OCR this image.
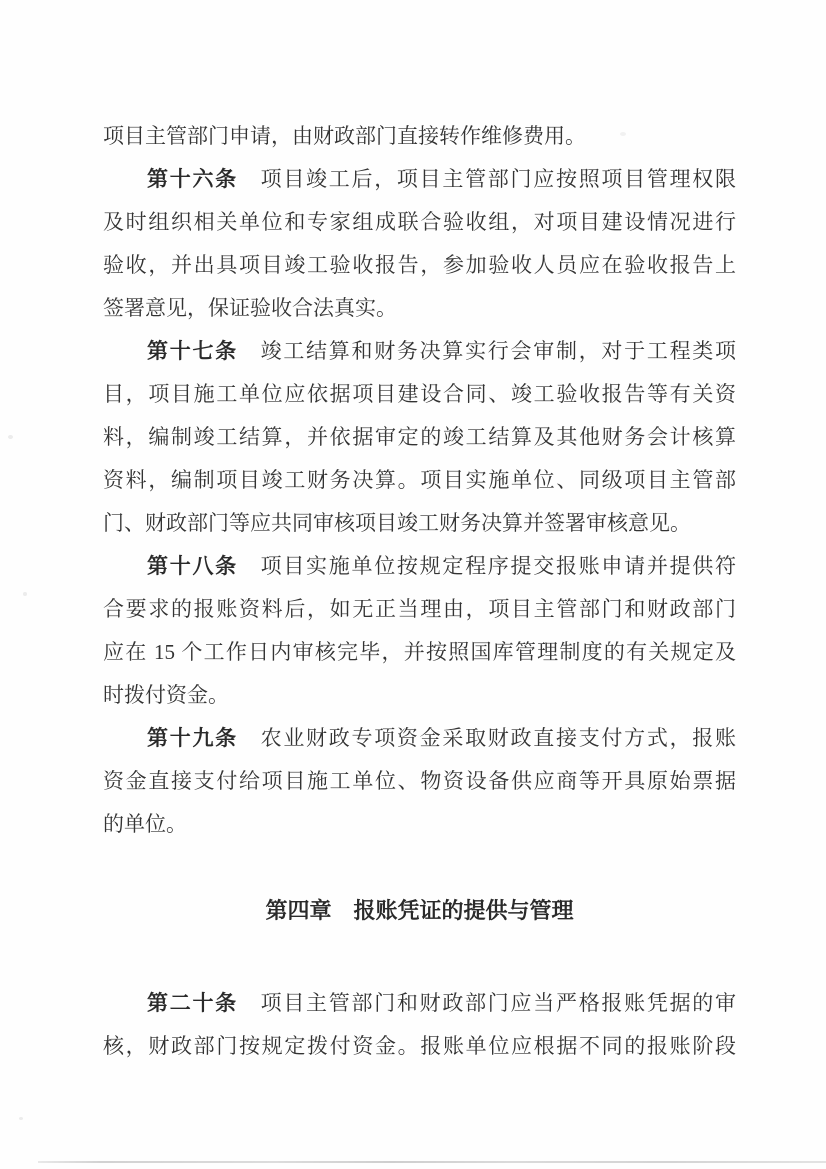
项目主管部门申请，由财政部门直接转作维修费用。
第十六条　项目竣工后，项目主管部门应按照项目管理权限
及时组织相关单位和专家组成联合验收组，对项目建设情况进行
验收，并出具项目竣工验收报告，参加验收人员应在验收报告上
签署意见，保证验收合法真实。
第十七条　竣工结算和财务决算实行会审制，对于工程类项
目，项目施工单位应依据项目建设合同、竣工验收报告等有关资
料，编制竣工结算，并依据审定的竣工结算及其他财务会计核算
资料，编制项目竣工财务决算。项目实施单位、同级项目主管部
门、财政部门等应共同审核项目竣工财务决算并签署审核意见。
第十八条　项目实施单位按规定程序提交报账申请并提供符
合要求的报账资料后，如无正当理由，项目主管部门和财政部门
应在 15 个工作日内审核完毕，并按照国库管理制度的有关规定及
时拨付资金。
第十九条　农业财政专项资金采取财政直接支付方式，报账
资金直接支付给项目施工单位、物资设备供应商等开具原始票据
的单位。
第四章　报账凭证的提供与管理
第二十条　项目主管部门和财政部门应当严格报账凭据的审
核，财政部门按规定拨付资金。报账单位应根据不同的报账阶段
